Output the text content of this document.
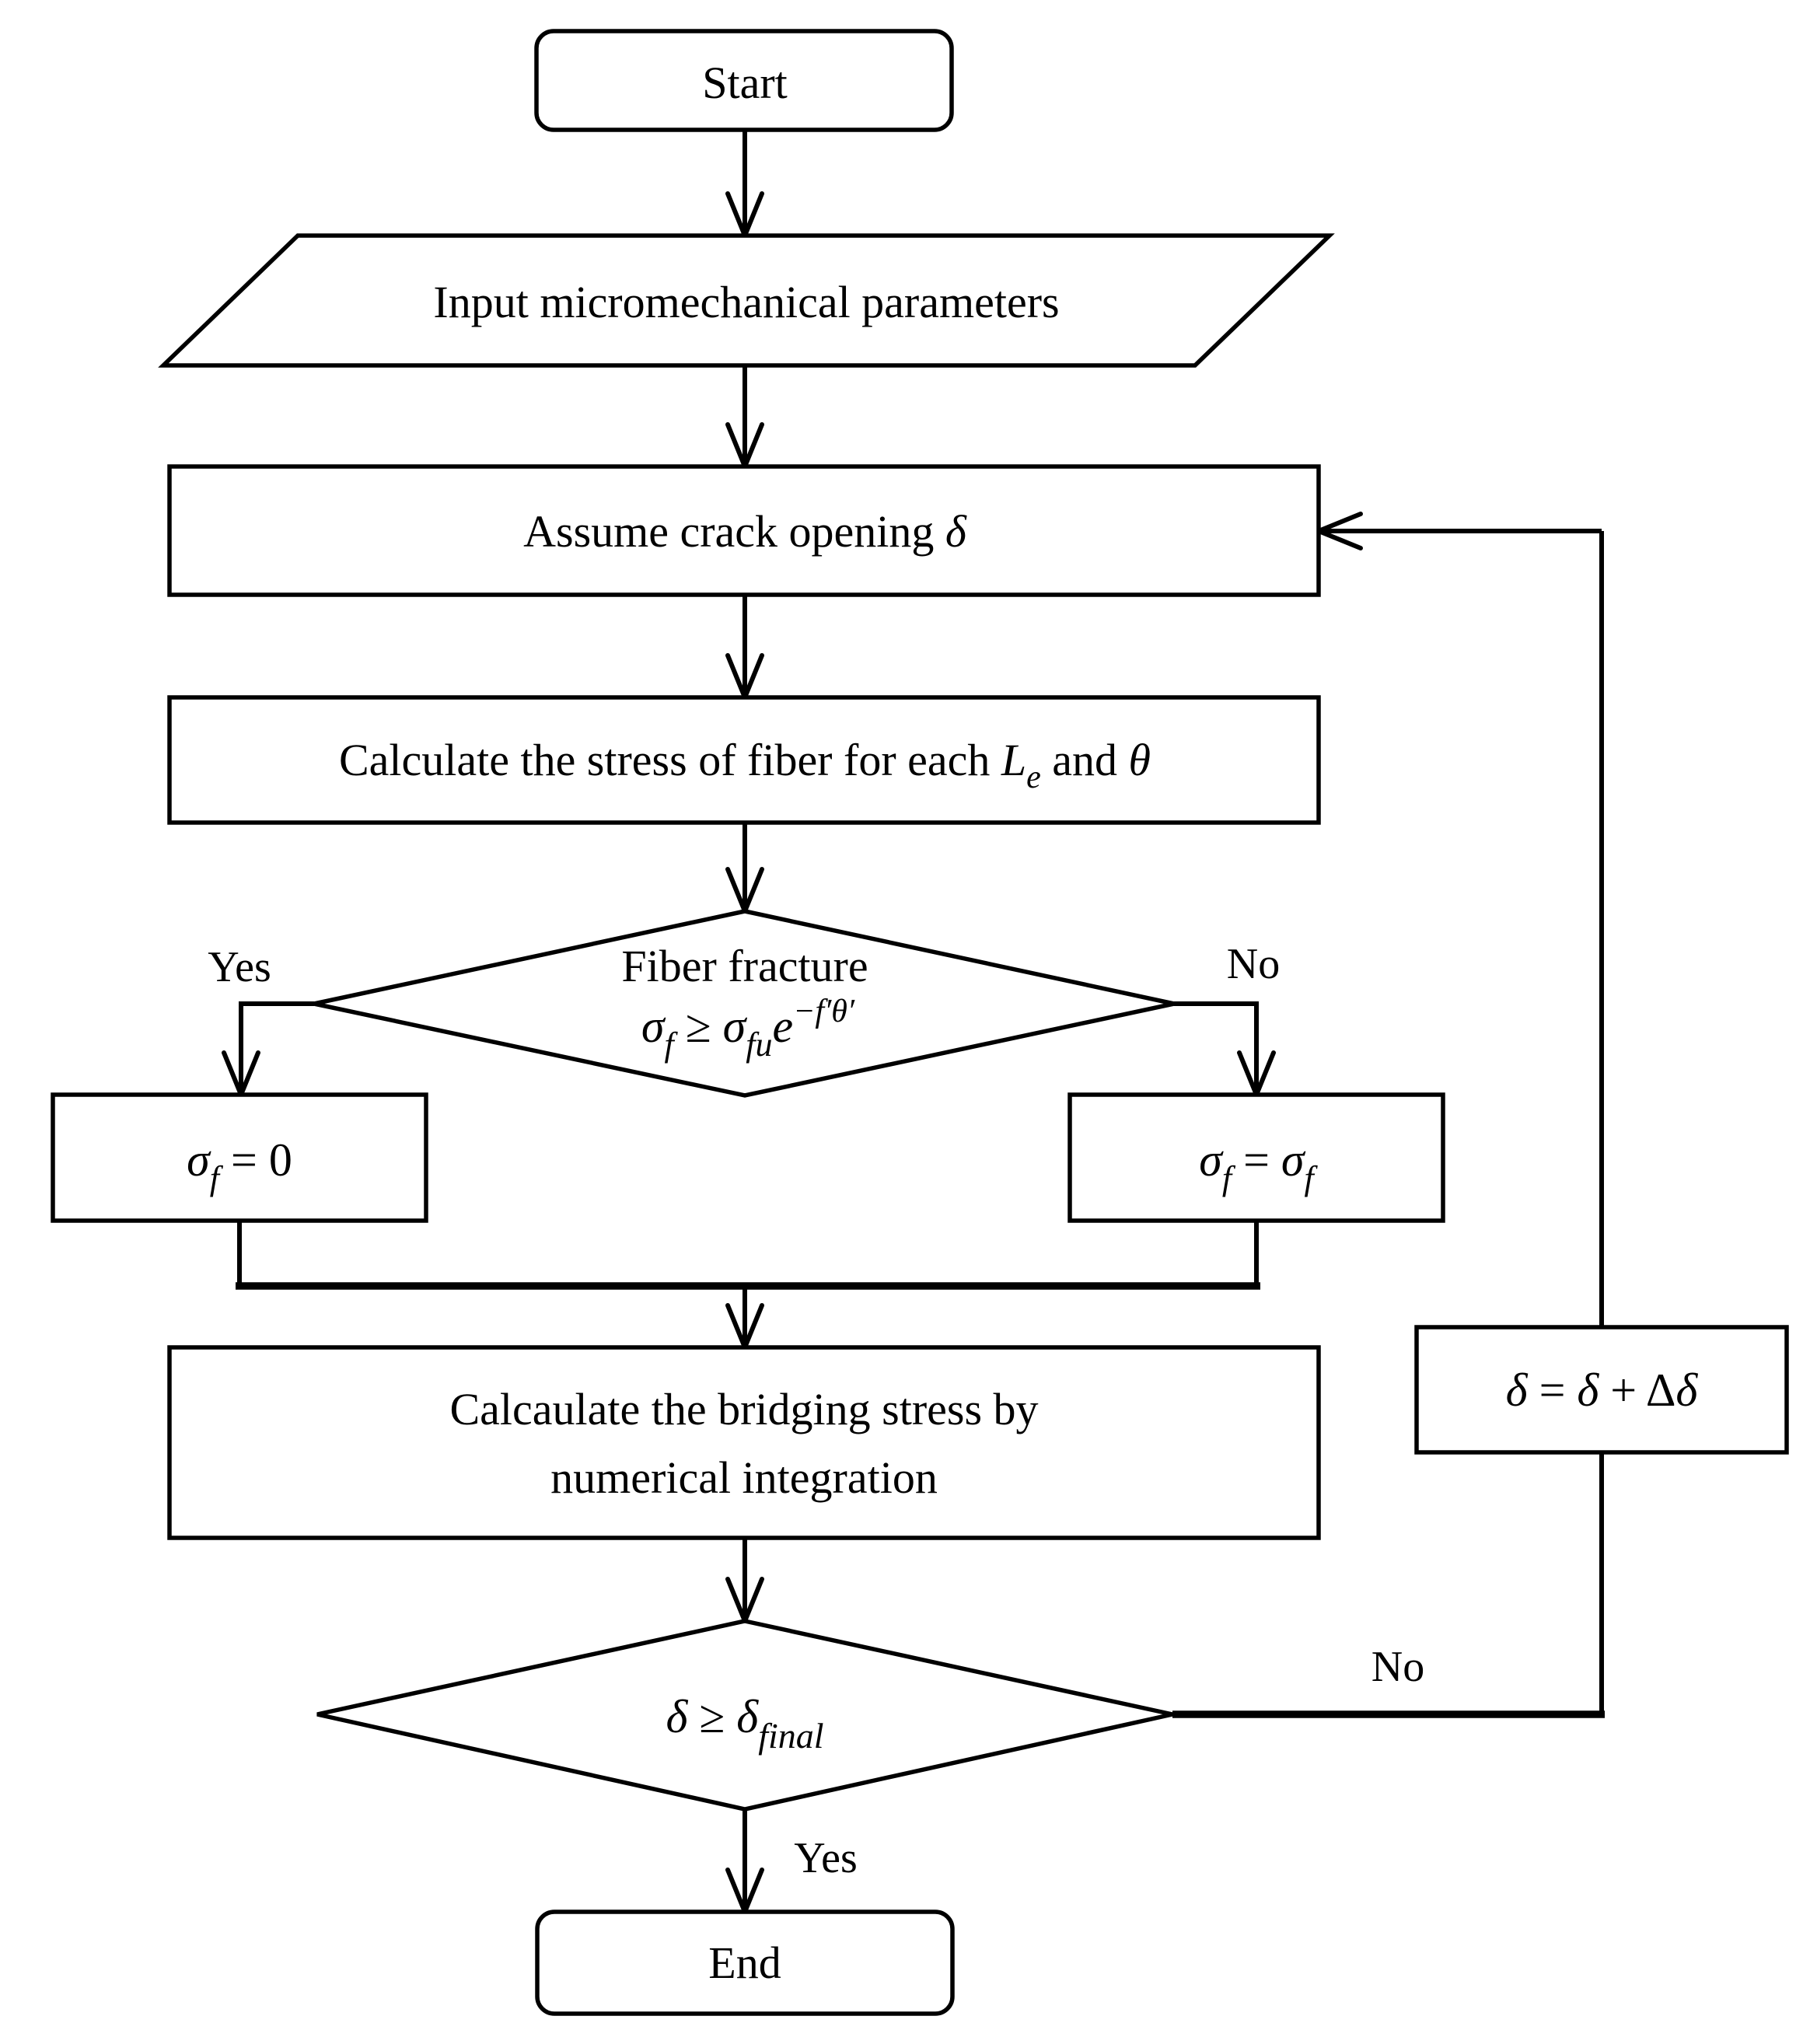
Start
Input micromechanical parameters
Assume crack opening δ
Calculate the stress of fiber for each $L_e$ and θ
Fiber fracture
$\sigma_f \ge \sigma_{fu}e^{-f'\theta'}$
$\sigma_f = 0$	$\sigma_f = \sigma_f$
Calcaulate the bridging stress by
numerical integration
$\delta \ge \delta_{final}$
δ = δ + Δδ
End
Yes	No
No
Yes
